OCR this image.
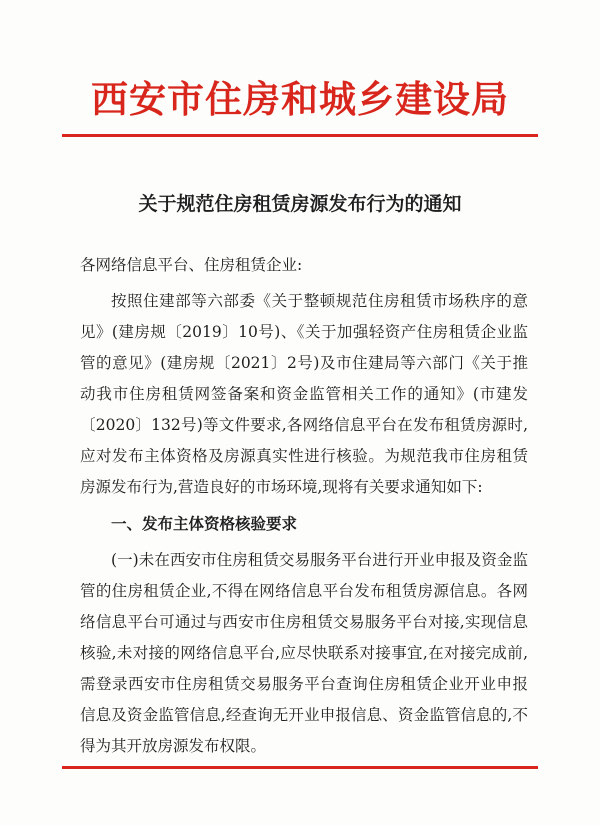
西安市住房和城乡建设局
关于规范住房租赁房源发布行为的通知
各网络信息平台、住房租赁企业:

按照住建部等六部委《关于整顿规范住房租赁市场秩序的意见》(建房规〔2019〕10号)、《关于加强轻资产住房租赁企业监管的意见》(建房规〔2021〕2号)及市住建局等六部门《关于推动我市住房租赁网签备案和资金监管相关工作的通知》(市建发〔2020〕132号)等文件要求,各网络信息平台在发布租赁房源时,应对发布主体资格及房源真实性进行核验。为规范我市住房租赁房源发布行为,营造良好的市场环境,现将有关要求通知如下:

一、发布主体资格核验要求

(一)未在西安市住房租赁交易服务平台进行开业申报及资金监管的住房租赁企业,不得在网络信息平台发布租赁房源信息。各网络信息平台可通过与西安市住房租赁交易服务平台对接,实现信息核验,未对接的网络信息平台,应尽快联系对接事宜,在对接完成前,需登录西安市住房租赁交易服务平台查询住房租赁企业开业申报信息及资金监管信息,经查询无开业申报信息、资金监管信息的,不得为其开放房源发布权限。
